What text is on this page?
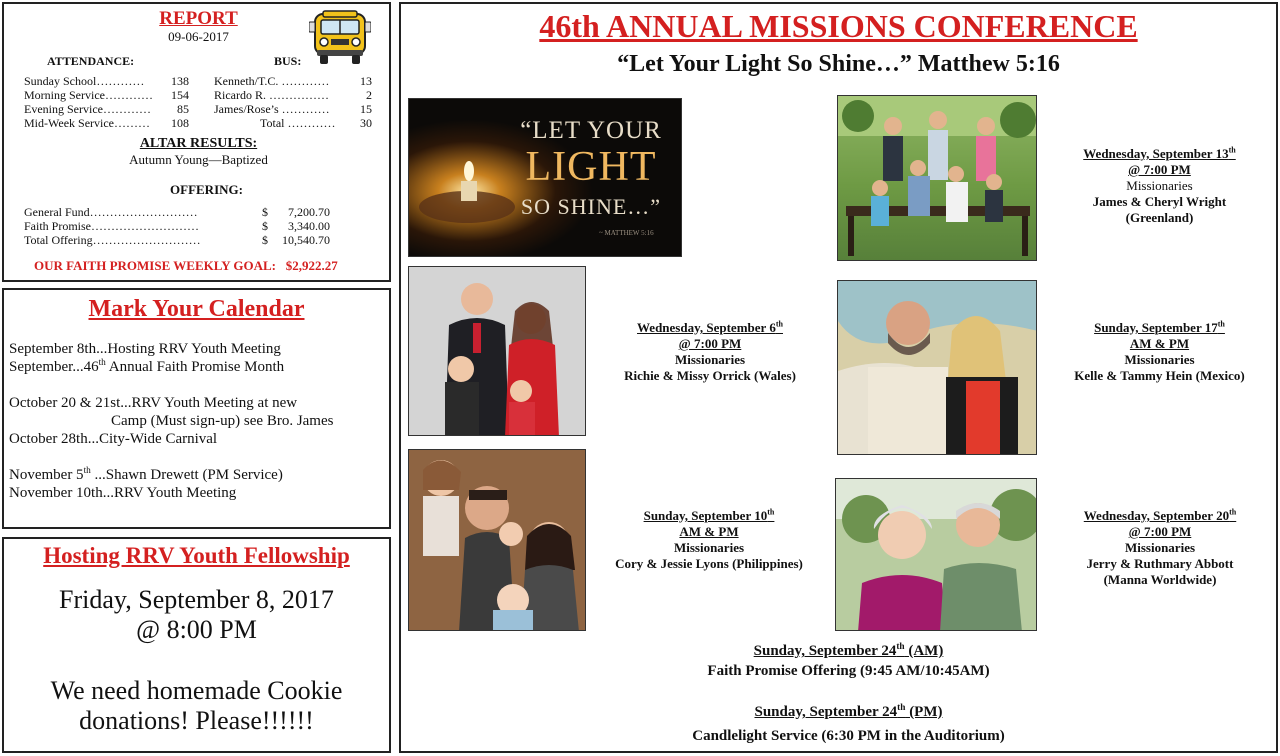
REPORT
09-06-2017
ATTENDANCE:	BUS:
Sunday School………… 138
Morning Service………… 154
Evening Service………… 85
Mid-Week Service……… 108
Kenneth/T.C. …………	13
Ricardo R. ……………	2
James/Rose’s …………	15
Total ………… 30
ALTAR RESULTS:
Autumn Young—Baptized
OFFERING:
General Fund………………………	$ 7,200.70
Faith Promise………………………	$ 3,340.00
Total Offering………………………	$ 10,540.70
OUR FAITH PROMISE WEEKLY GOAL:   $2,922.27
Mark Your Calendar
September 8th...Hosting RRV Youth Meeting
September...46th Annual Faith Promise Month
October 20 & 21st...RRV Youth Meeting at new
Camp (Must sign-up) see Bro. James
October 28th...City-Wide Carnival
November 5th ...Shawn Drewett (PM Service)
November 10th...RRV Youth Meeting
Hosting RRV Youth Fellowship
Friday, September 8, 2017
@ 8:00 PM
We need homemade Cookie
donations! Please!!!!!!
46th ANNUAL MISSIONS CONFERENCE
“Let Your Light So Shine…” Matthew 5:16
“LET YOUR
LIGHT
SO SHINE…”
~ MATTHEW 5:16
Wednesday, September 13th
@ 7:00 PM
Missionaries
James & Cheryl Wright
(Greenland)
Wednesday, September 6th
@ 7:00 PM
Missionaries
Richie & Missy Orrick (Wales)
Sunday, September 17th
AM & PM
Missionaries
Kelle & Tammy Hein (Mexico)
Sunday, September 10th
AM & PM
Missionaries
Cory & Jessie Lyons (Philippines)
Wednesday, September 20th
@ 7:00 PM
Missionaries
Jerry & Ruthmary Abbott
(Manna Worldwide)
Sunday, September 24th (AM)
Faith Promise Offering (9:45 AM/10:45AM)
Sunday, September 24th (PM)
Candlelight Service (6:30 PM in the Auditorium)
